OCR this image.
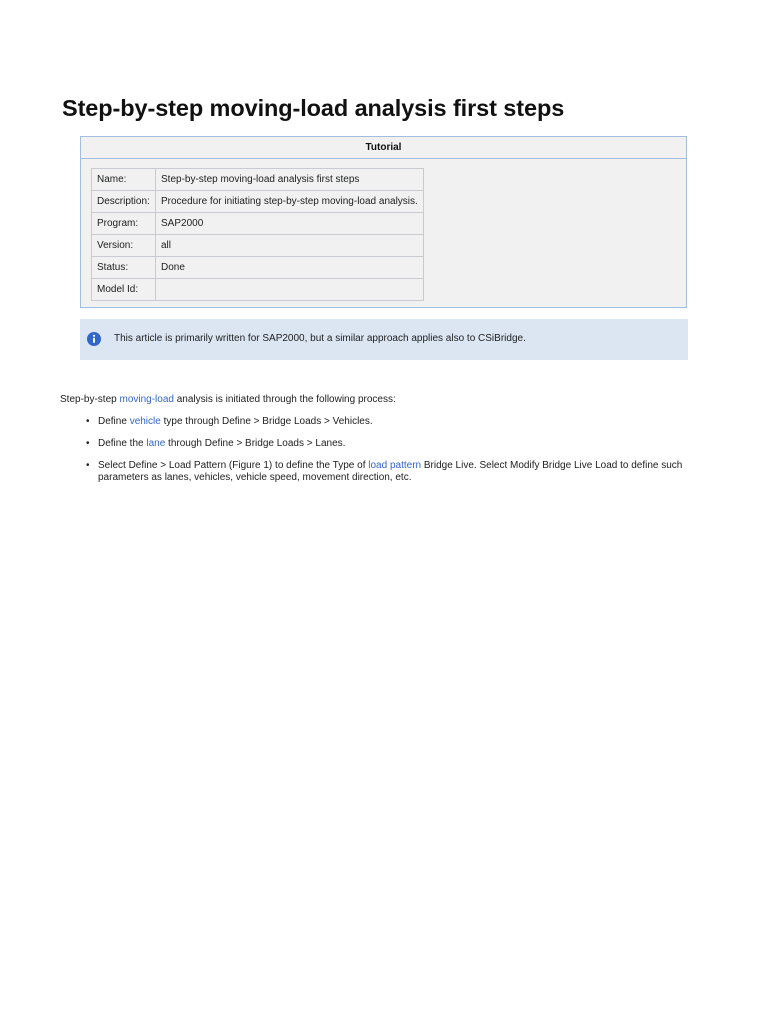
Step-by-step moving-load analysis first steps
Tutorial
Name:	Step-by-step moving-load analysis first steps
Description:	Procedure for initiating step-by-step moving-load analysis.
Program:	SAP2000
Version:	all
Status:	Done
Model Id:	
This article is primarily written for SAP2000, but a similar approach applies also to CSiBridge.

Step-by-step moving-load analysis is initiated through the following process:

• Define vehicle type through Define > Bridge Loads > Vehicles.
• Define the lane through Define > Bridge Loads > Lanes.
• Select Define > Load Pattern (Figure 1) to define the Type of load pattern Bridge Live. Select Modify Bridge Live Load to define such parameters as lanes, vehicles, vehicle speed, movement direction, etc.
